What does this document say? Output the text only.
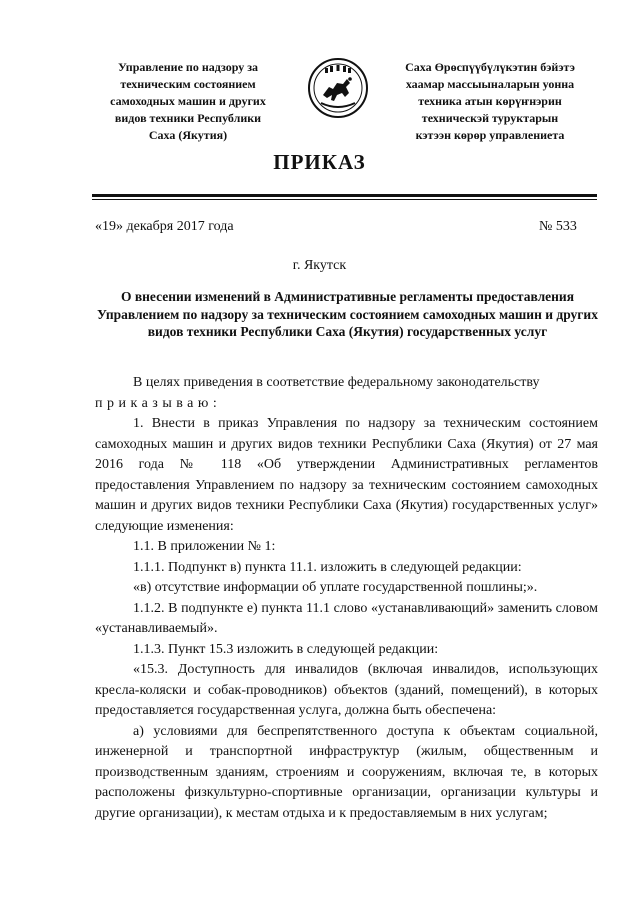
Управление по надзору за
техническим состоянием
самоходных машин и других
видов техники Республики
Саха (Якутия)
Саха Өрөспүүбүлүкэтин бэйэтэ
хаамар массыыналарын уонна
техника атын көрүҥнэрин
техническэй туруктарын
кэтээн көрөр управлениета
ПРИКАЗ
«19» декабря 2017 года	№ 533
г. Якутск
О внесении изменений в Административные регламенты предоставления Управлением по надзору за техническим состоянием самоходных машин и других видов техники Республики Саха (Якутия) государственных услуг

В целях приведения в соответствие федеральному законодательству

приказываю:

1. Внести в приказ Управления по надзору за техническим состоянием самоходных машин и других видов техники Республики Саха (Якутия) от 27 мая 2016 года № 118 «Об утверждении Административных регламентов предоставления Управлением по надзору за техническим состоянием самоходных машин и других видов техники Республики Саха (Якутия) государственных услуг» следующие изменения:

1.1. В приложении № 1:

1.1.1. Подпункт в) пункта 11.1. изложить в следующей редакции:

«в) отсутствие информации об уплате государственной пошлины;».

1.1.2. В подпункте е) пункта 11.1 слово «устанавливающий» заменить словом «устанавливаемый».

1.1.3. Пункт 15.3 изложить в следующей редакции:

«15.3. Доступность для инвалидов (включая инвалидов, использующих кресла-коляски и собак-проводников) объектов (зданий, помещений), в которых предоставляется государственная услуга, должна быть обеспечена:

а) условиями для беспрепятственного доступа к объектам социальной, инженерной и транспортной инфраструктур (жилым, общественным и производственным зданиям, строениям и сооружениям, включая те, в которых расположены физкультурно-спортивные организации, организации культуры и другие организации), к местам отдыха и к предоставляемым в них услугам;
